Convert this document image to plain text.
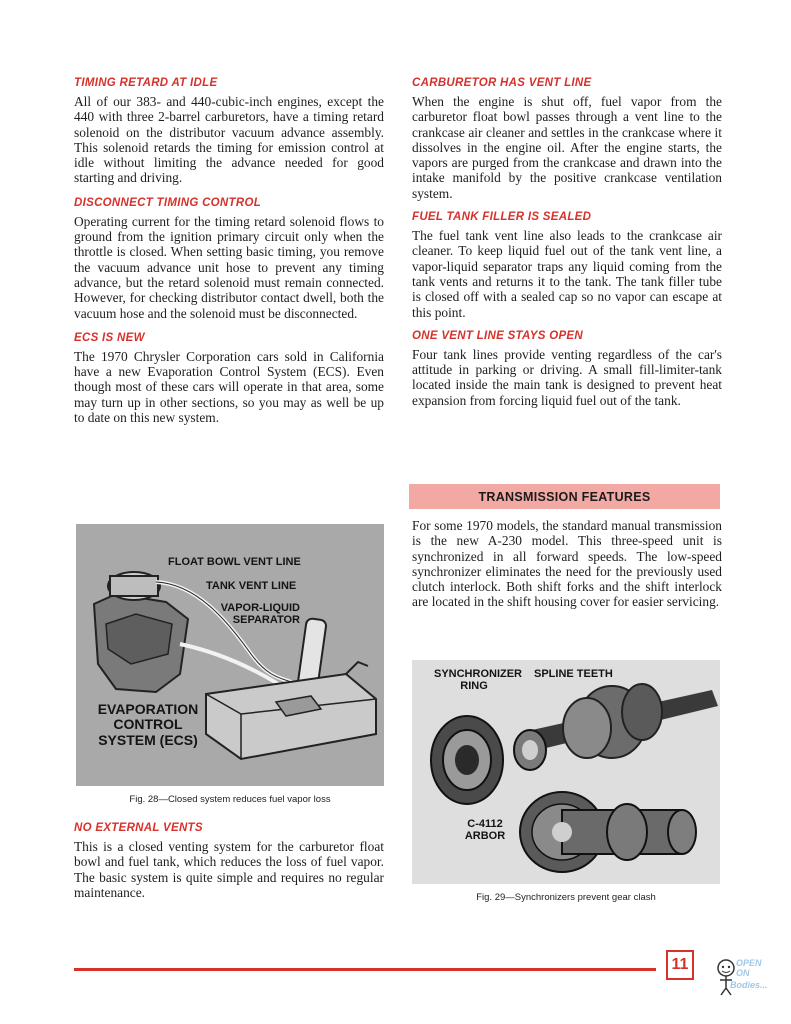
TIMING RETARD AT IDLE

All of our 383- and 440-cubic-inch engines, except the 440 with three 2-barrel carburetors, have a timing retard solenoid on the distributor vacuum advance assembly. This solenoid retards the timing for emission control at idle without limiting the advance needed for good starting and driving.

DISCONNECT TIMING CONTROL

Operating current for the timing retard solenoid flows to ground from the ignition primary circuit only when the throttle is closed. When setting basic timing, you remove the vacuum advance unit hose to prevent any timing advance, but the retard solenoid must remain connected. However, for checking distributor contact dwell, both the vacuum hose and the solenoid must be disconnected.

ECS IS NEW

The 1970 Chrysler Corporation cars sold in California have a new Evaporation Control System (ECS). Even though most of these cars will operate in that area, some may turn up in other sections, so you may as well be up to date on this new system.

FLOAT BOWL VENT LINE
TANK VENT LINE
VAPOR-LIQUID SEPARATOR
EVAPORATION CONTROL SYSTEM (ECS)
Fig. 28—Closed system reduces fuel vapor loss
NO EXTERNAL VENTS

This is a closed venting system for the carburetor float bowl and fuel tank, which reduces the loss of fuel vapor. The basic system is quite simple and requires no regular maintenance.

CARBURETOR HAS VENT LINE

When the engine is shut off, fuel vapor from the carburetor float bowl passes through a vent line to the crankcase air cleaner and settles in the crankcase where it dissolves in the engine oil. After the engine starts, the vapors are purged from the crankcase and drawn into the intake manifold by the positive crankcase ventilation system.

FUEL TANK FILLER IS SEALED

The fuel tank vent line also leads to the crankcase air cleaner. To keep liquid fuel out of the tank vent line, a vapor-liquid separator traps any liquid coming from the tank vents and returns it to the tank. The tank filler tube is closed off with a sealed cap so no vapor can escape at this point.

ONE VENT LINE STAYS OPEN

Four tank lines provide venting regardless of the car's attitude in parking or driving. A small fill-limiter-tank located inside the main tank is designed to prevent heat expansion from forcing liquid fuel out of the tank.

TRANSMISSION FEATURES

For some 1970 models, the standard manual transmission is the new A-230 model. This three-speed unit is synchronized in all forward speeds. The low-speed synchronizer eliminates the need for the previously used clutch interlock. Both shift forks and the shift interlock are located in the shift housing cover for easier servicing.

SYNCHRONIZER RING
SPLINE TEETH
C-4112 ARBOR
Fig. 29—Synchronizers prevent gear clash
11	OPEN ON
Bodies...
